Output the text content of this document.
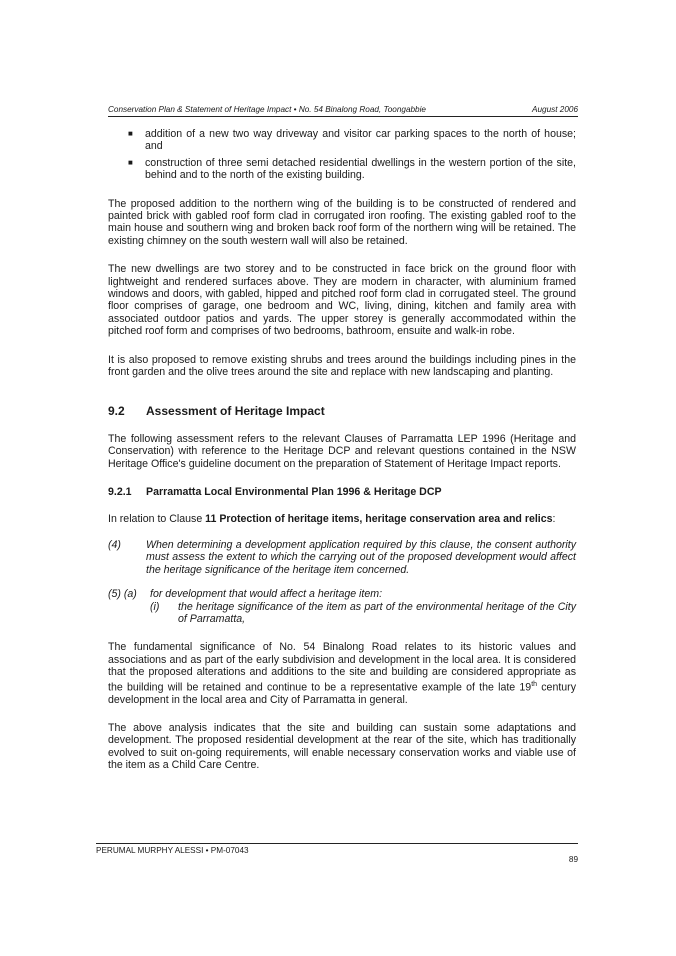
Conservation Plan & Statement of Heritage Impact • No. 54 Binalong Road, Toongabbie	August 2006
■ addition of a new two way driveway and visitor car parking spaces to the north of house; and
■ construction of three semi detached residential dwellings in the western portion of the site, behind and to the north of the existing building.

The proposed addition to the northern wing of the building is to be constructed of rendered and painted brick with gabled roof form clad in corrugated iron roofing. The existing gabled roof to the main house and southern wing and broken back roof form of the northern wing will be retained. The existing chimney on the south western wall will also be retained.

The new dwellings are two storey and to be constructed in face brick on the ground floor with lightweight and rendered surfaces above. They are modern in character, with aluminium framed windows and doors, with gabled, hipped and pitched roof form clad in corrugated steel. The ground floor comprises of garage, one bedroom and WC, living, dining, kitchen and family area with associated outdoor patios and yards. The upper storey is generally accommodated within the pitched roof form and comprises of two bedrooms, bathroom, ensuite and walk-in robe.

It is also proposed to remove existing shrubs and trees around the buildings including pines in the front garden and the olive trees around the site and replace with new landscaping and planting.

9.2	Assessment of Heritage Impact

The following assessment refers to the relevant Clauses of Parramatta LEP 1996 (Heritage and Conservation) with reference to the Heritage DCP and relevant questions contained in the NSW Heritage Office's guideline document on the preparation of Statement of Heritage Impact reports.

9.2.1	Parramatta Local Environmental Plan 1996 & Heritage DCP
In relation to Clause 11 Protection of heritage items, heritage conservation area and relics:
(4)	When determining a development application required by this clause, the consent authority must assess the extent to which the carrying out of the proposed development would affect the heritage significance of the heritage item concerned.
(5) (a)	for development that would affect a heritage item:
(i)	the heritage significance of the item as part of the environmental heritage of the City of Parramatta,

The fundamental significance of No. 54 Binalong Road relates to its historic values and associations and as part of the early subdivision and development in the local area. It is considered that the proposed alterations and additions to the site and building are considered appropriate as the building will be retained and continue to be a representative example of the late 19th century development in the local area and City of Parramatta in general.

The above analysis indicates that the site and building can sustain some adaptations and development. The proposed residential development at the rear of the site, which has traditionally evolved to suit on-going requirements, will enable necessary conservation works and viable use of the item as a Child Care Centre.

PERUMAL MURPHY ALESSI • PM-07043
89
